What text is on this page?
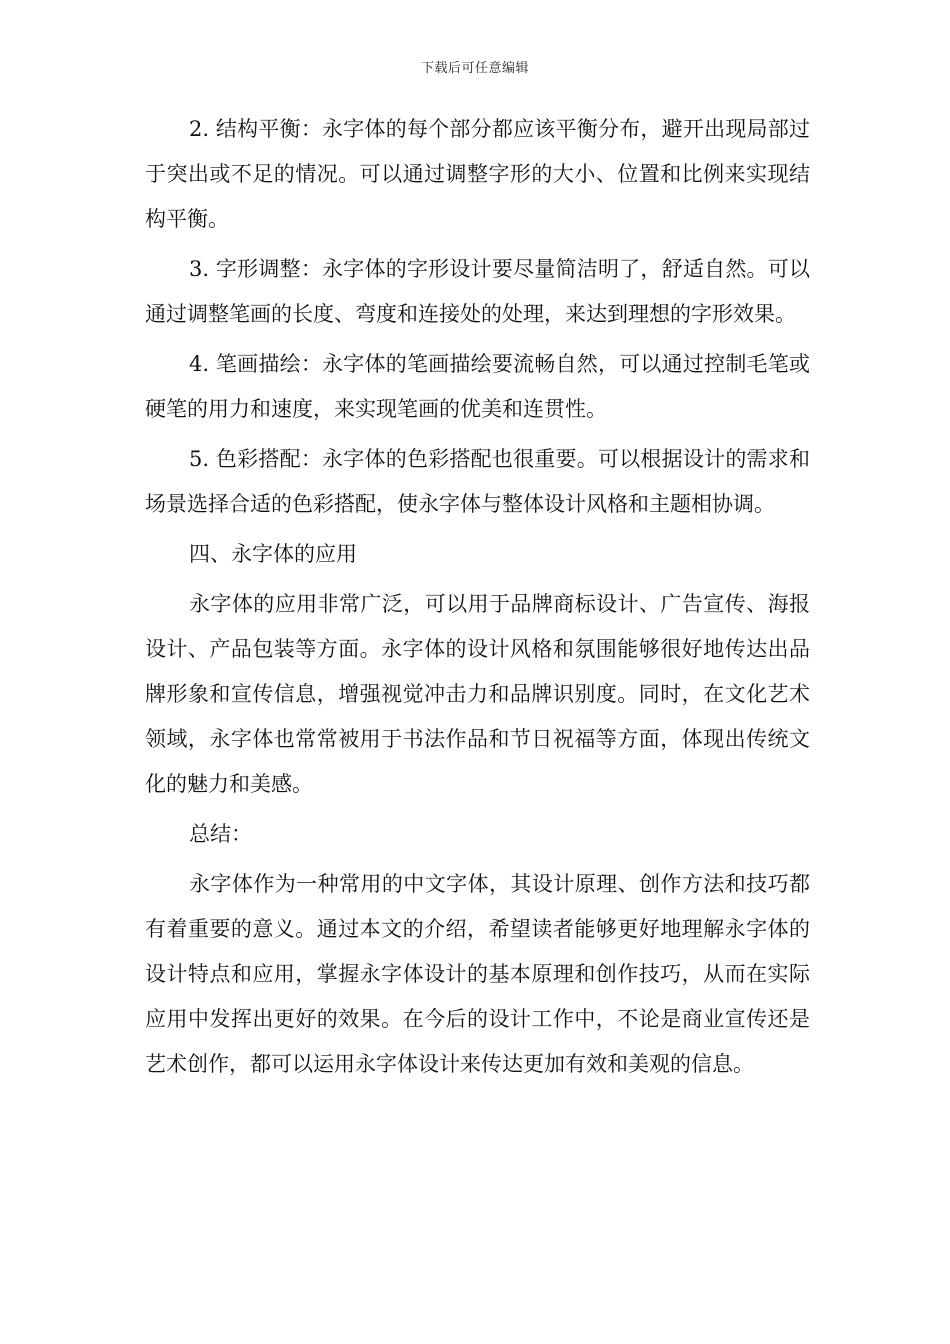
下载后可任意编辑

2. 结构平衡：永字体的每个部分都应该平衡分布，避开出现局部过于突出或不足的情况。可以通过调整字形的大小、位置和比例来实现结构平衡。

3. 字形调整：永字体的字形设计要尽量简洁明了，舒适自然。可以通过调整笔画的长度、弯度和连接处的处理，来达到理想的字形效果。

4. 笔画描绘：永字体的笔画描绘要流畅自然，可以通过控制毛笔或硬笔的用力和速度，来实现笔画的优美和连贯性。

5. 色彩搭配：永字体的色彩搭配也很重要。可以根据设计的需求和场景选择合适的色彩搭配，使永字体与整体设计风格和主题相协调。

四、永字体的应用

永字体的应用非常广泛，可以用于品牌商标设计、广告宣传、海报设计、产品包装等方面。永字体的设计风格和氛围能够很好地传达出品牌形象和宣传信息，增强视觉冲击力和品牌识别度。同时，在文化艺术领域，永字体也常常被用于书法作品和节日祝福等方面，体现出传统文化的魅力和美感。

总结：

永字体作为一种常用的中文字体，其设计原理、创作方法和技巧都有着重要的意义。通过本文的介绍，希望读者能够更好地理解永字体的设计特点和应用，掌握永字体设计的基本原理和创作技巧，从而在实际应用中发挥出更好的效果。在今后的设计工作中，不论是商业宣传还是艺术创作，都可以运用永字体设计来传达更加有效和美观的信息。
